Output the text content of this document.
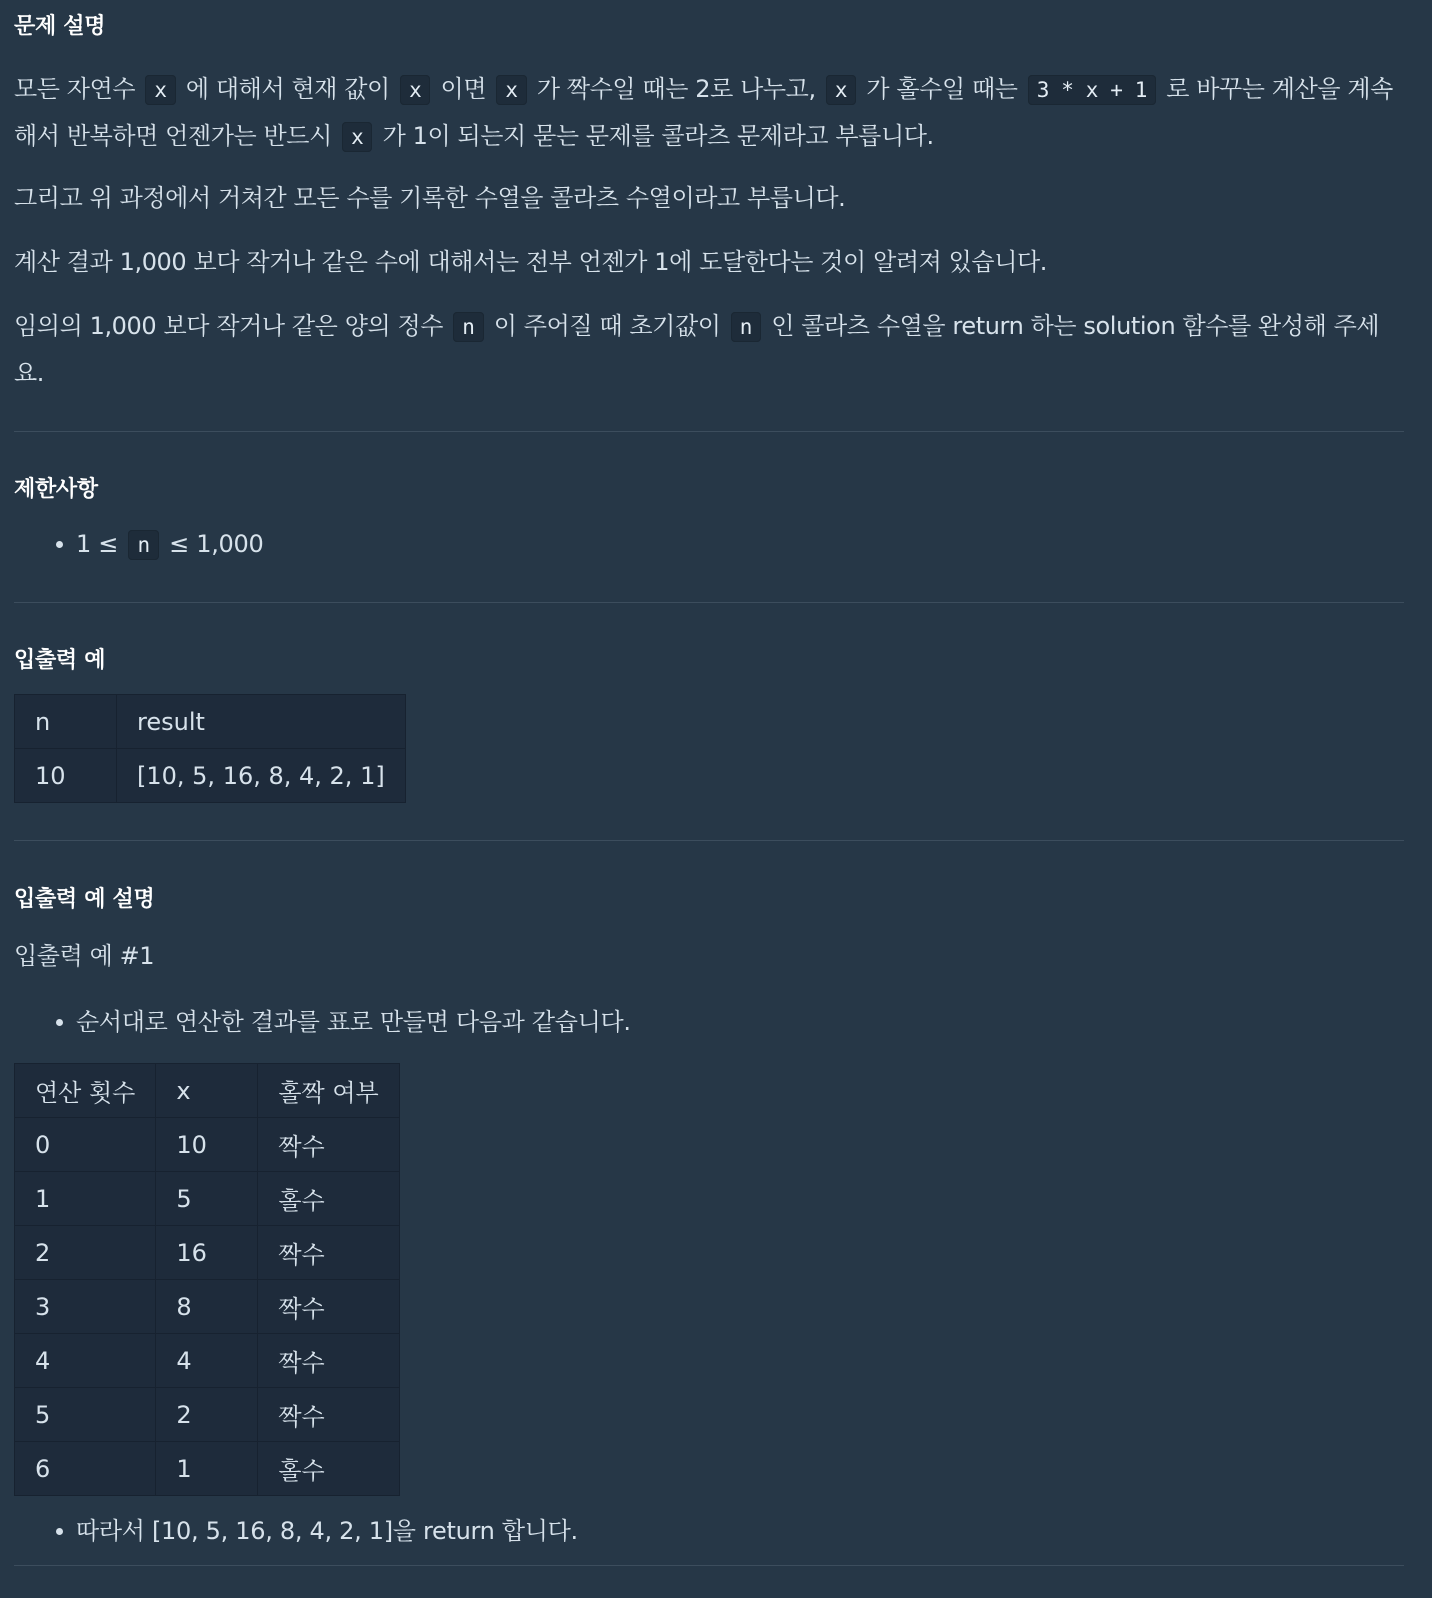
문제 설명

모든 자연수 x 에 대해서 현재 값이 x 이면 x 가 짝수일 때는 2로 나누고, x 가 홀수일 때는 3 * x + 1 로 바꾸는 계산을 계속해서 반복하면 언젠가는 반드시 x 가 1이 되는지 묻는 문제를 콜라츠 문제라고 부릅니다.

그리고 위 과정에서 거쳐간 모든 수를 기록한 수열을 콜라츠 수열이라고 부릅니다.

계산 결과 1,000 보다 작거나 같은 수에 대해서는 전부 언젠가 1에 도달한다는 것이 알려져 있습니다.

임의의 1,000 보다 작거나 같은 양의 정수 n 이 주어질 때 초기값이 n 인 콜라츠 수열을 return 하는 solution 함수를 완성해 주세요.

제한사항
1 ≤ n ≤ 1,000
입출력 예
n	result
10	[10, 5, 16, 8, 4, 2, 1]
입출력 예 설명

입출력 예 #1

순서대로 연산한 결과를 표로 만들면 다음과 같습니다.
연산 횟수	x	홀짝 여부
0	10	짝수
1	5	홀수
2	16	짝수
3	8	짝수
4	4	짝수
5	2	짝수
6	1	홀수
따라서 [10, 5, 16, 8, 4, 2, 1]을 return 합니다.
